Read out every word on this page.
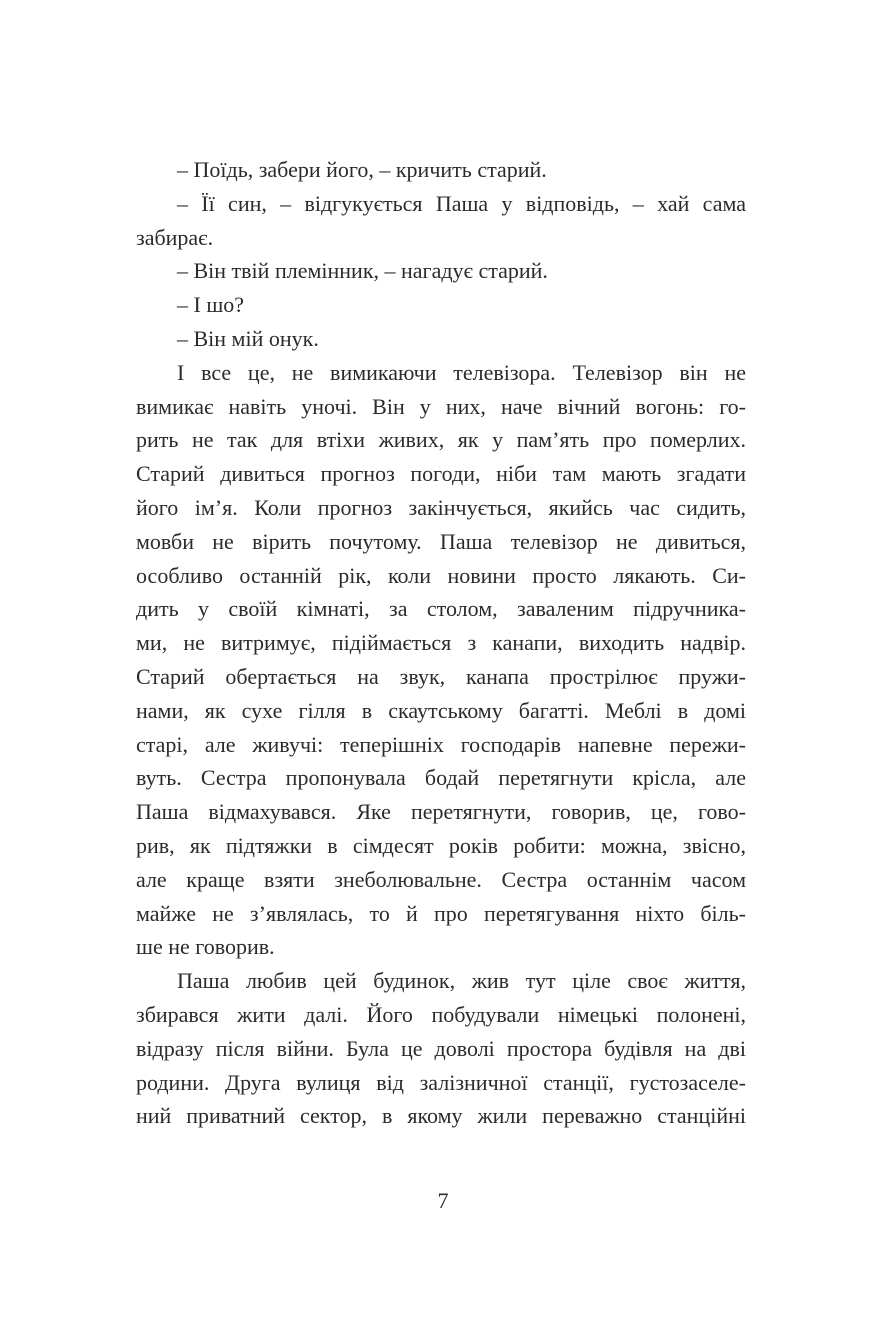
– Поїдь, забери його, – кричить старий.
– Її син, – відгукується Паша у відповідь, – хай сама
забирає.
– Він твій племінник, – нагадує старий.
– І шо?
– Він мій онук.
І все це, не вимикаючи телевізора. Телевізор він не
вимикає навіть уночі. Він у них, наче вічний вогонь: го-
рить не так для втіхи живих, як у пам’ять про померлих.
Старий дивиться прогноз погоди, ніби там мають згадати
його ім’я. Коли прогноз закінчується, якийсь час сидить,
мовби не вірить почутому. Паша телевізор не дивиться,
особливо останній рік, коли новини просто лякають. Си-
дить у своїй кімнаті, за столом, заваленим підручника-
ми, не витримує, підіймається з канапи, виходить надвір.
Старий обертається на звук, канапа прострілює пружи-
нами, як сухе гілля в скаутському багатті. Меблі в домі
старі, але живучі: теперішніх господарів напевне пережи-
вуть. Сестра пропонувала бодай перетягнути крісла, але
Паша відмахувався. Яке перетягнути, говорив, це, гово-
рив, як підтяжки в сімдесят років робити: можна, звісно,
але краще взяти знеболювальне. Сестра останнім часом
майже не з’являлась, то й про перетягування ніхто біль-
ше не говорив.
Паша любив цей будинок, жив тут ціле своє життя,
збирався жити далі. Його побудували німецькі полонені,
відразу після війни. Була це доволі простора будівля на дві
родини. Друга вулиця від залізничної станції, густозаселе-
ний приватний сектор, в якому жили переважно станційні
7
